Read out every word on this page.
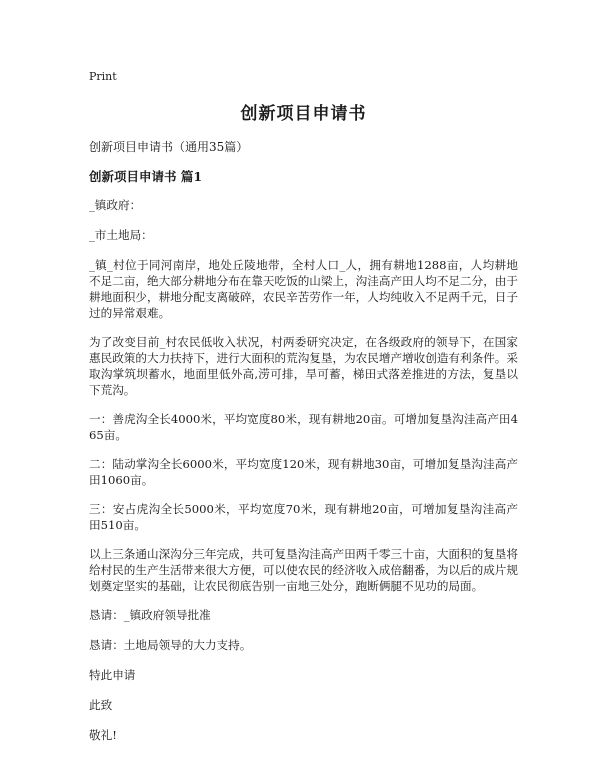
Print
创新项目申请书

创新项目申请书（通用35篇）

创新项目申请书 篇1

_镇政府：

_市土地局：

_镇_村位于同河南岸，地处丘陵地带，全村人口_人，拥有耕地1288亩，人均耕地不足二亩，绝大部分耕地分布在靠天吃饭的山梁上，沟洼高产田人均不足二分，由于耕地面积少，耕地分配支离破碎，农民辛苦劳作一年，人均纯收入不足两千元，日子过的异常艰难。

为了改变目前_村农民低收入状况，村两委研究决定，在各级政府的领导下，在国家惠民政策的大力扶持下，进行大面积的荒沟复垦，为农民增产增收创造有利条件。采取沟掌筑坝蓄水，地面里低外高,涝可排，旱可蓄，梯田式落差推进的方法，复垦以下荒沟。

一：善虎沟全长4000米，平均宽度80米，现有耕地20亩。可增加复垦沟洼高产田465亩。

二：陆动掌沟全长6000米，平均宽度120米，现有耕地30亩，可增加复垦沟洼高产田1060亩。

三：安占虎沟全长5000米，平均宽度70米，现有耕地20亩，可增加复垦沟洼高产田510亩。

以上三条通山深沟分三年完成，共可复垦沟洼高产田两千零三十亩，大面积的复垦将给村民的生产生活带来很大方便，可以使农民的经济收入成倍翻番，为以后的成片规划奠定坚实的基础，让农民彻底告别一亩地三处分，跑断俩腿不见功的局面。

恳请：_镇政府领导批准

恳请：土地局领导的大力支持。

特此申请

此致

敬礼!
